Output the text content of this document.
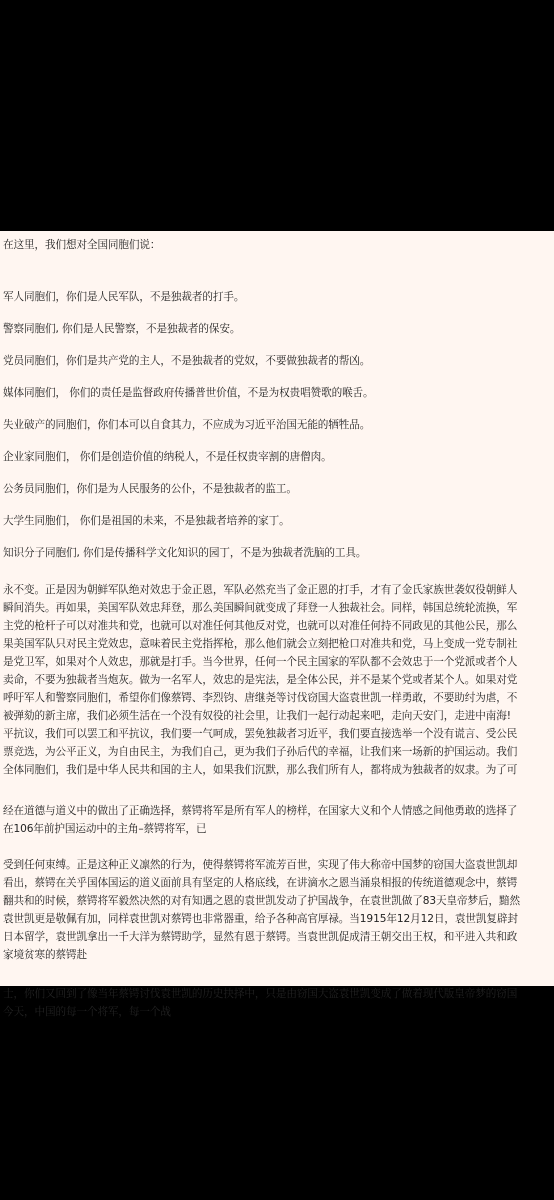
在这里，我们想对全国同胞们说：
军人同胞们，你们是人民军队，不是独裁者的打手。
警察同胞们, 你们是人民警察，不是独裁者的保安。
党员同胞们，你们是共产党的主人，不是独裁者的党奴，不要做独裁者的帮凶。
媒体同胞们， 你们的责任是监督政府传播普世价值，不是为权贵唱赞歌的喉舌。
失业破产的同胞们，你们本可以自食其力，不应成为习近平治国无能的牺牲品。
企业家同胞们， 你们是创造价值的纳税人，不是任权贵宰割的唐僧肉。
公务员同胞们，你们是为人民服务的公仆，不是独裁者的监工。
大学生同胞们， 你们是祖国的未来，不是独裁者培养的家丁。
知识分子同胞们, 你们是传播科学文化知识的园丁，不是为独裁者洗脑的工具。
永不变。正是因为朝鲜军队绝对效忠于金正恩，军队必然充当了金正恩的打手，才有了金氏家族世袭奴役朝鲜人
瞬间消失。再如果，美国军队效忠拜登，那么美国瞬间就变成了拜登一人独裁社会。同样，韩国总统轮流换，军
主党的枪杆子可以对准共和党，也就可以对准任何其他反对党，也就可以对准任何持不同政见的其他公民，那么
果美国军队只对民主党效忠，意味着民主党指挥枪，那么他们就会立刻把枪口对准共和党，马上变成一党专制社
是党卫军，如果对个人效忠，那就是打手。当今世界，任何一个民主国家的军队都不会效忠于一个党派或者个人
卖命，不要为独裁者当炮灰。做为一名军人，效忠的是宪法，是全体公民，并不是某个党或者某个人。如果对党
呼吁军人和警察同胞们，希望你们像蔡锷、李烈钧、唐继尧等讨伐窃国大盗袁世凯一样勇敢，不要助纣为虐，不
被弹劾的新主席，我们必须生活在一个没有奴役的社会里，让我们一起行动起来吧，走向天安门，走进中南海!
平抗议，我们可以罢工和平抗议，我们要一气呵成，罢免独裁者习近平，我们要直接选举一个没有谎言、受公民
票竞选，为公平正义，为自由民主，为我们自己，更为我们子孙后代的幸福，让我们来一场新的护国运动。我们
全体同胞们，我们是中华人民共和国的主人，如果我们沉默，那么我们所有人，都将成为独裁者的奴隶。为了可
经在道德与道义中的做出了正确选择，蔡锷将军是所有军人的榜样，在国家大义和个人情感之间他勇敢的选择了
在106年前护国运动中的主角–蔡锷将军，已
受到任何束缚。正是这种正义凛然的行为，使得蔡锷将军流芳百世，实现了伟大称帝中国梦的窃国大盗袁世凯却
看出，蔡锷在关乎国体国运的道义面前具有坚定的人格底线，在讲滴水之恩当涌泉相报的传统道德观念中，蔡锷
翻共和的时候，蔡锷将军毅然决然的对有知遇之恩的袁世凯发动了护国战争，在袁世凯做了83天皇帝梦后，黯然
袁世凯更是敬佩有加，同样袁世凯对蔡锷也非常器重，给予各种高官厚禄。当1915年12月12日，袁世凯复辟封
日本留学，袁世凯拿出一千大洋为蔡锷助学，显然有恩于蔡锷。当袁世凯促成清王朝交出王权，和平进入共和政
家境贫寒的蔡锷赴
士，你们又回到了像当年蔡锷讨伐袁世凯的历史抉择中，只是由窃国大盗袁世凯变成了做着现代版皇帝梦的窃国
今天，中国的每一个将军，每一个战
